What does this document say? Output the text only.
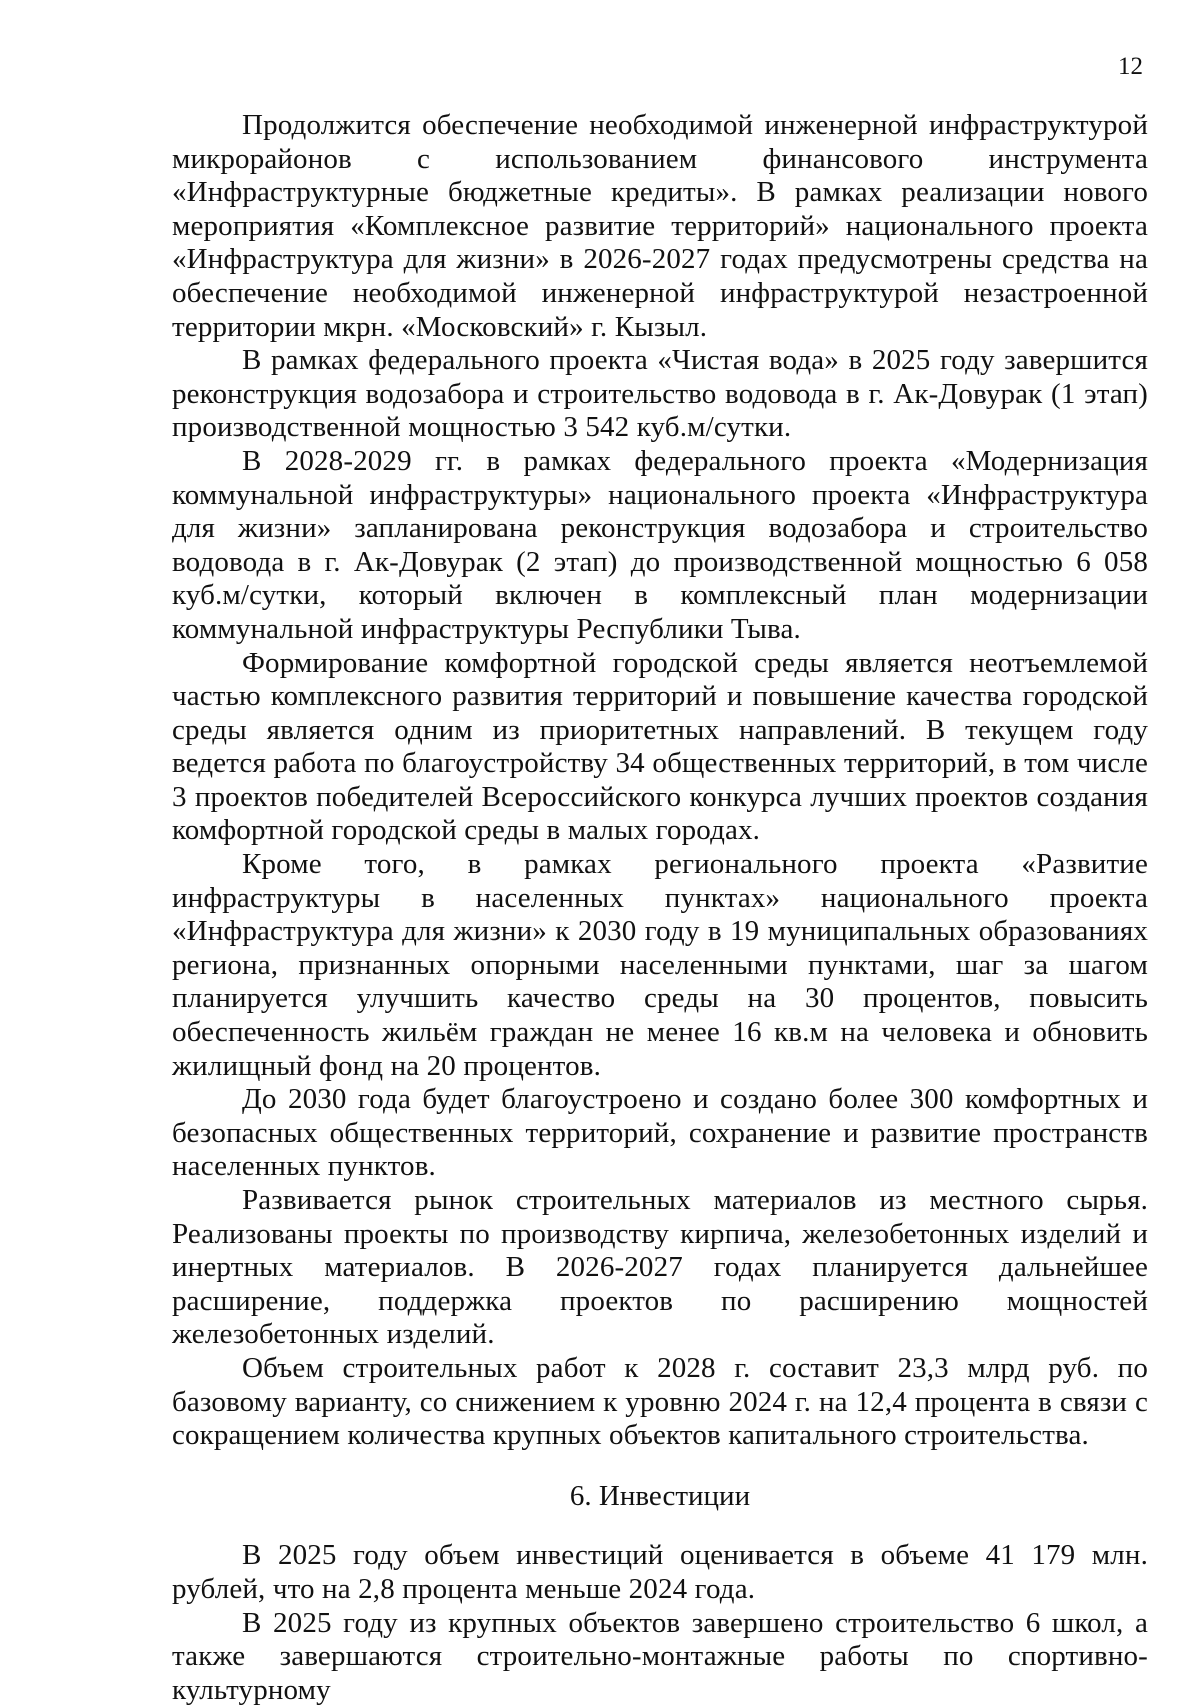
12

Продолжится обеспечение необходимой инженерной инфраструктурой микрорайонов с использованием финансового инструмента «Инфраструктурные бюджетные кредиты». В рамках реализации нового мероприятия «Комплексное развитие территорий» национального проекта «Инфраструктура для жизни» в 2026-2027 годах предусмотрены средства на обеспечение необходимой инженерной инфраструктурой незастроенной территории мкрн. «Московский» г. Кызыл.

В рамках федерального проекта «Чистая вода» в 2025 году завершится реконструкция водозабора и строительство водовода в г. Ак-Довурак (1 этап) производственной мощностью 3 542 куб.м/сутки.

В 2028-2029 гг. в рамках федерального проекта «Модернизация коммунальной инфраструктуры» национального проекта «Инфраструктура для жизни» запланирована реконструкция водозабора и строительство водовода в г. Ак-Довурак (2 этап) до производственной мощностью 6 058 куб.м/сутки, который включен в комплексный план модернизации коммунальной инфраструктуры Республики Тыва.

Формирование комфортной городской среды является неотъемлемой частью комплексного развития территорий и повышение качества городской среды является одним из приоритетных направлений. В текущем году ведется работа по благоустройству 34 общественных территорий, в том числе 3 проектов победителей Всероссийского конкурса лучших проектов создания комфортной городской среды в малых городах.

Кроме того, в рамках регионального проекта «Развитие инфраструктуры в населенных пунктах» национального проекта «Инфраструктура для жизни» к 2030 году в 19 муниципальных образованиях региона, признанных опорными населенными пунктами, шаг за шагом планируется улучшить качество среды на 30 процентов, повысить обеспеченность жильём граждан не менее 16 кв.м на человека и обновить жилищный фонд на 20 процентов.

До 2030 года будет благоустроено и создано более 300 комфортных и безопасных общественных территорий, сохранение и развитие пространств населенных пунктов.

Развивается рынок строительных материалов из местного сырья. Реализованы проекты по производству кирпича, железобетонных изделий и инертных материалов. В 2026-2027 годах планируется дальнейшее расширение, поддержка проектов по расширению мощностей железобетонных изделий.

Объем строительных работ к 2028 г. составит 23,3 млрд руб. по базовому варианту, со снижением к уровню 2024 г. на 12,4 процента в связи с сокращением количества крупных объектов капитального строительства.

6. Инвестиции

В 2025 году объем инвестиций оценивается в объеме 41 179 млн. рублей, что на 2,8 процента меньше 2024 года.

В 2025 году из крупных объектов завершено строительство 6 школ, а также завершаются строительно-монтажные работы по спортивно-культурному
